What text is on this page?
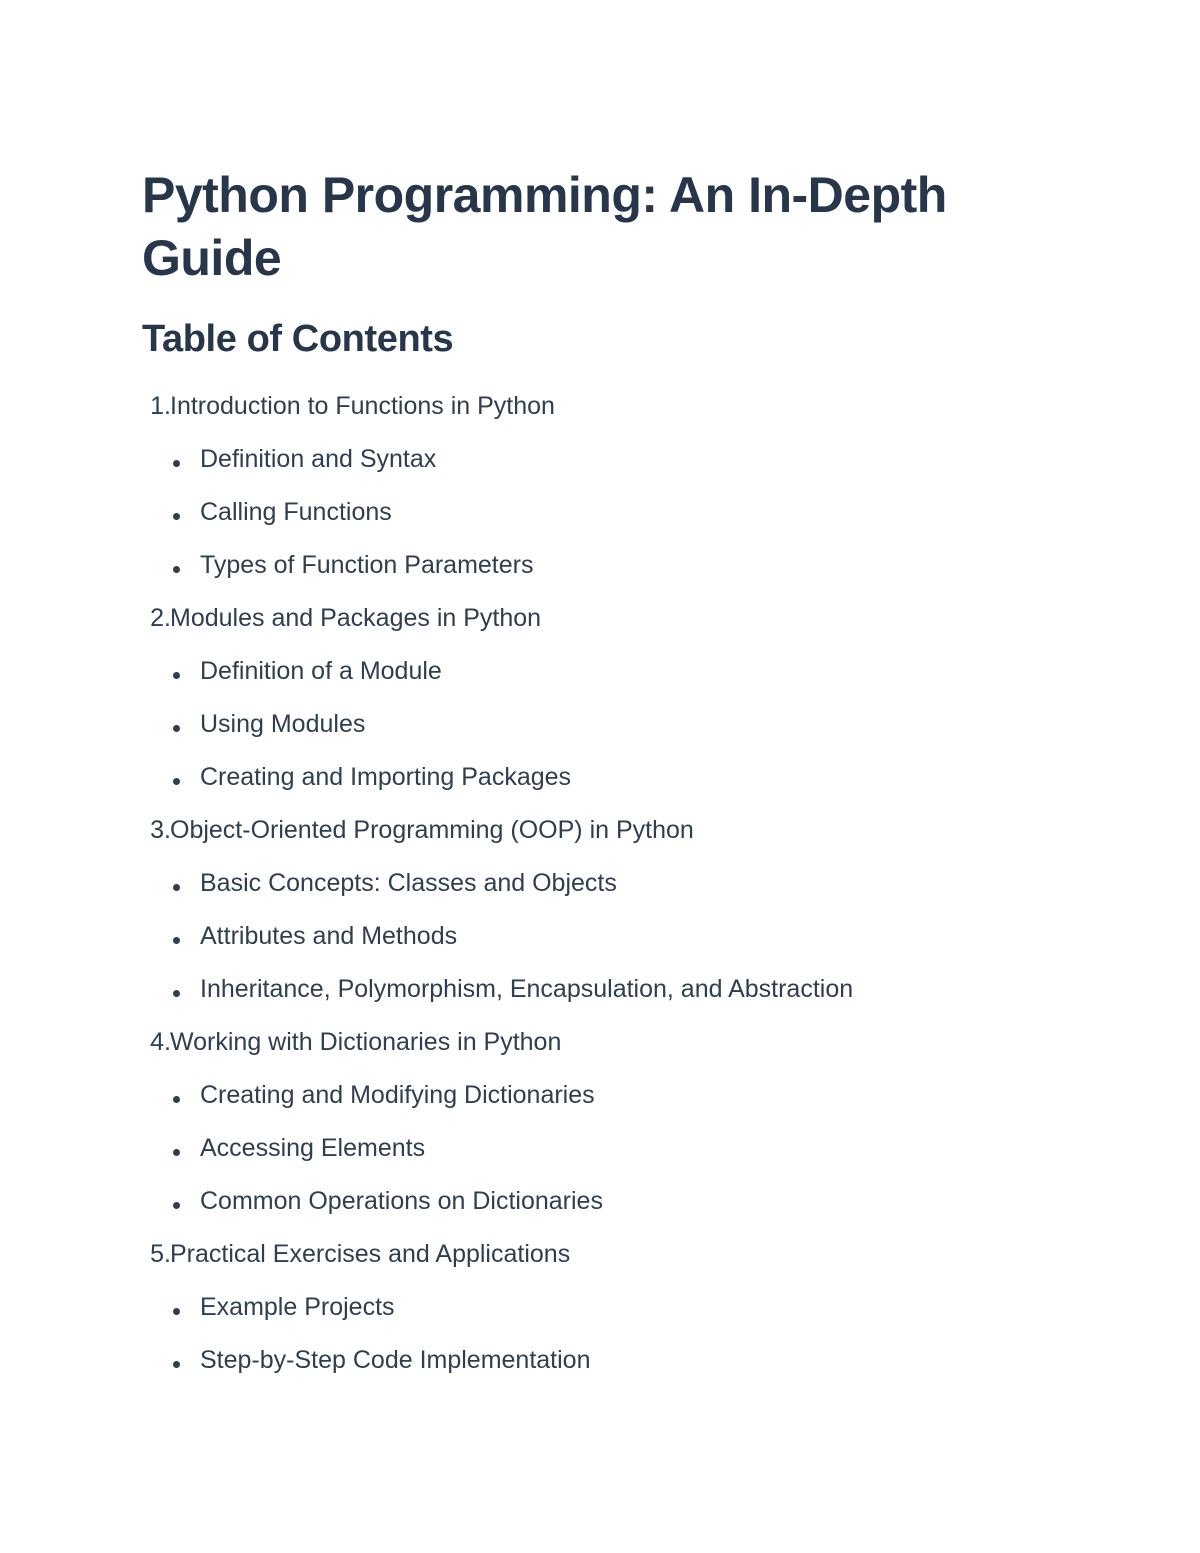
Python Programming: An In-Depth Guide
Table of Contents
1. Introduction to Functions in Python
Definition and Syntax
Calling Functions
Types of Function Parameters
2. Modules and Packages in Python
Definition of a Module
Using Modules
Creating and Importing Packages
3. Object-Oriented Programming (OOP) in Python
Basic Concepts: Classes and Objects
Attributes and Methods
Inheritance, Polymorphism, Encapsulation, and Abstraction
4. Working with Dictionaries in Python
Creating and Modifying Dictionaries
Accessing Elements
Common Operations on Dictionaries
5. Practical Exercises and Applications
Example Projects
Step-by-Step Code Implementation
